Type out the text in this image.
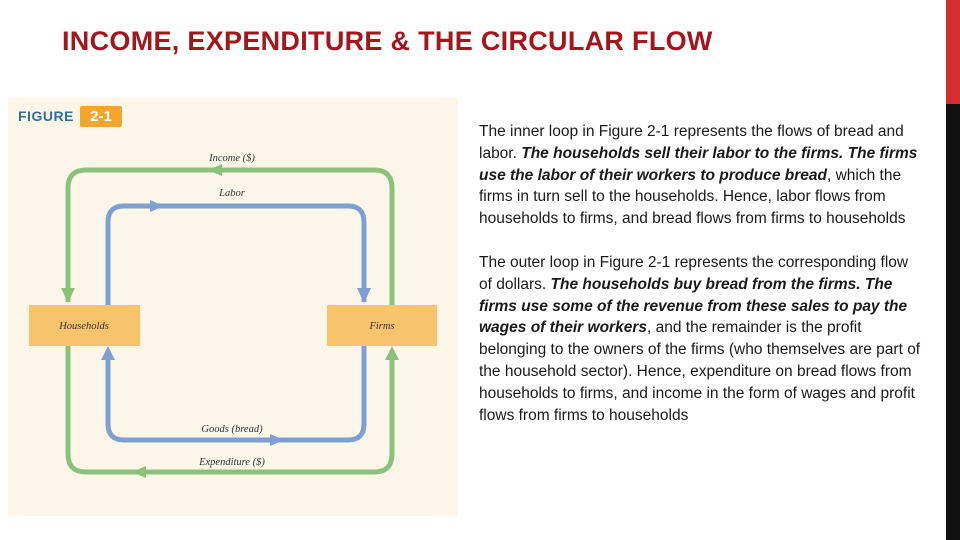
INCOME, EXPENDITURE & THE CIRCULAR FLOW
Income ($)
Labor
Goods (bread)
Expenditure ($)
Households	Firms
FIGURE	2-1

The inner loop in Figure 2-1 represents the flows of bread and labor. The households sell their labor to the firms. The firms use the labor of their workers to produce bread, which the firms in turn sell to the households. Hence, labor flows from households to firms, and bread flows from firms to households

The outer loop in Figure 2-1 represents the corresponding flow of dollars. The households buy bread from the firms. The firms use some of the revenue from these sales to pay the wages of their workers, and the remainder is the profit belonging to the owners of the firms (who themselves are part of the household sector). Hence, expenditure on bread flows from households to firms, and income in the form of wages and profit flows from firms to households
